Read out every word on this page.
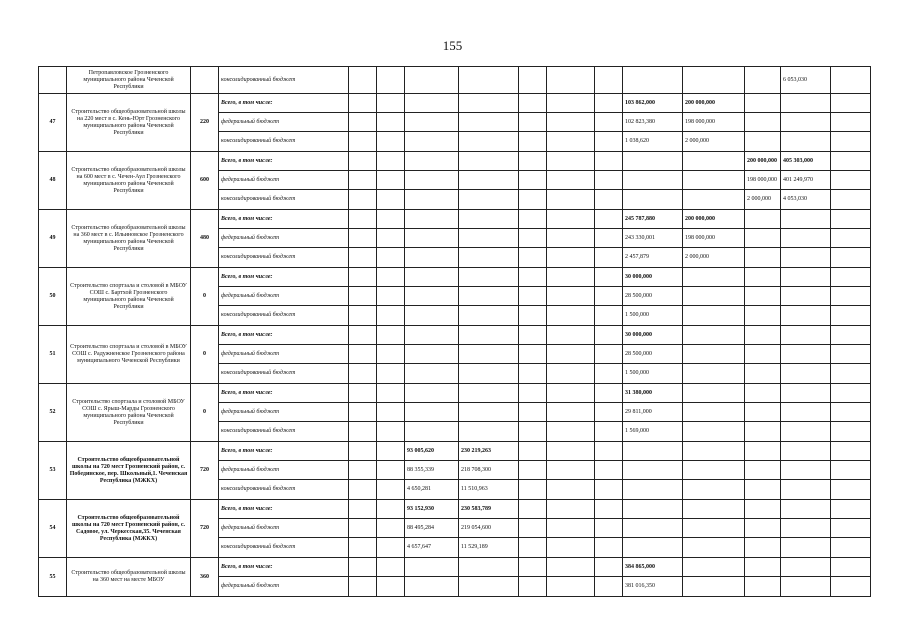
155
	Петропавловское Грозненского муниципального района Чеченской Республики		консолидированный бюджет											6 053,030	
47	Строительство общеобразовательной школы на 220 мест в с. Кень-Юрт Грозненского муниципального района Чеченской Республики	220	Всего, в том числе:								103 862,000	200 000,000			
			федеральный бюджет								102 823,380	198 000,000			
			консолидированный бюджет								1 038,620	2 000,000			
48	Строительство общеобразовательной школы на 600 мест в с. Чечен-Аул Грозненского муниципального района Чеченской Республики	600	Всего, в том числе:										200 000,000	405 303,000	
			федеральный бюджет										198 000,000	401 249,970	
			консолидированный бюджет										2 000,000	4 053,030	
49	Строительство общеобразовательной школы на 360 мест в с. Ильиновское Грозненского муниципального района Чеченской Республики	480	Всего, в том числе:								245 787,880	200 000,000			
			федеральный бюджет								243 330,001	198 000,000			
			консолидированный бюджет								2 457,879	2 000,000			
50	Строительство спортзала и столовой в МБОУ СОШ с. Бартхой Грозненского муниципального района Чеченской Республики	0	Всего, в том числе:								30 000,000				
			федеральный бюджет								28 500,000				
			консолидированный бюджет								1 500,000				
51	Строительство спортзала и столовой в МБОУ СОШ с. Радужненское Грозненского района муниципального Чеченской Республики	0	Всего, в том числе:								30 000,000				
			федеральный бюджет								28 500,000				
			консолидированный бюджет								1 500,000				
52	Строительство спортзала и столовой МБОУ СОШ с. Ярыш-Марды Грозненского муниципального района Чеченской Республики	0	Всего, в том числе:								31 380,000				
			федеральный бюджет								29 811,000				
			консолидированный бюджет								1 569,000				
53	Строительство общеобразовательной школы на 720 мест Грозненский район, с. Побединское, пер. Школьный,1. Чеченская Республика (МЖКХ)	720	Всего, в том числе:			93 005,620	230 219,263								
			федеральный бюджет			88 355,339	218 708,300								
			консолидированный бюджет			4 650,281	11 510,963								
54	Строительство общеобразовательной школы на 720 мест Грозненский район, с. Садовое, ул. Черкесская,35. Чеченская Республика (МЖКХ)	720	Всего, в том числе:			93 152,930	230 583,789								
			федеральный бюджет			88 495,284	219 054,600								
			консолидированный бюджет			4 657,647	11 529,189								
55	Строительство общеобразовательной школы на 360 мест на месте МБОУ	360	Всего, в том числе:								384 865,000				
			федеральный бюджет								381 016,350				
